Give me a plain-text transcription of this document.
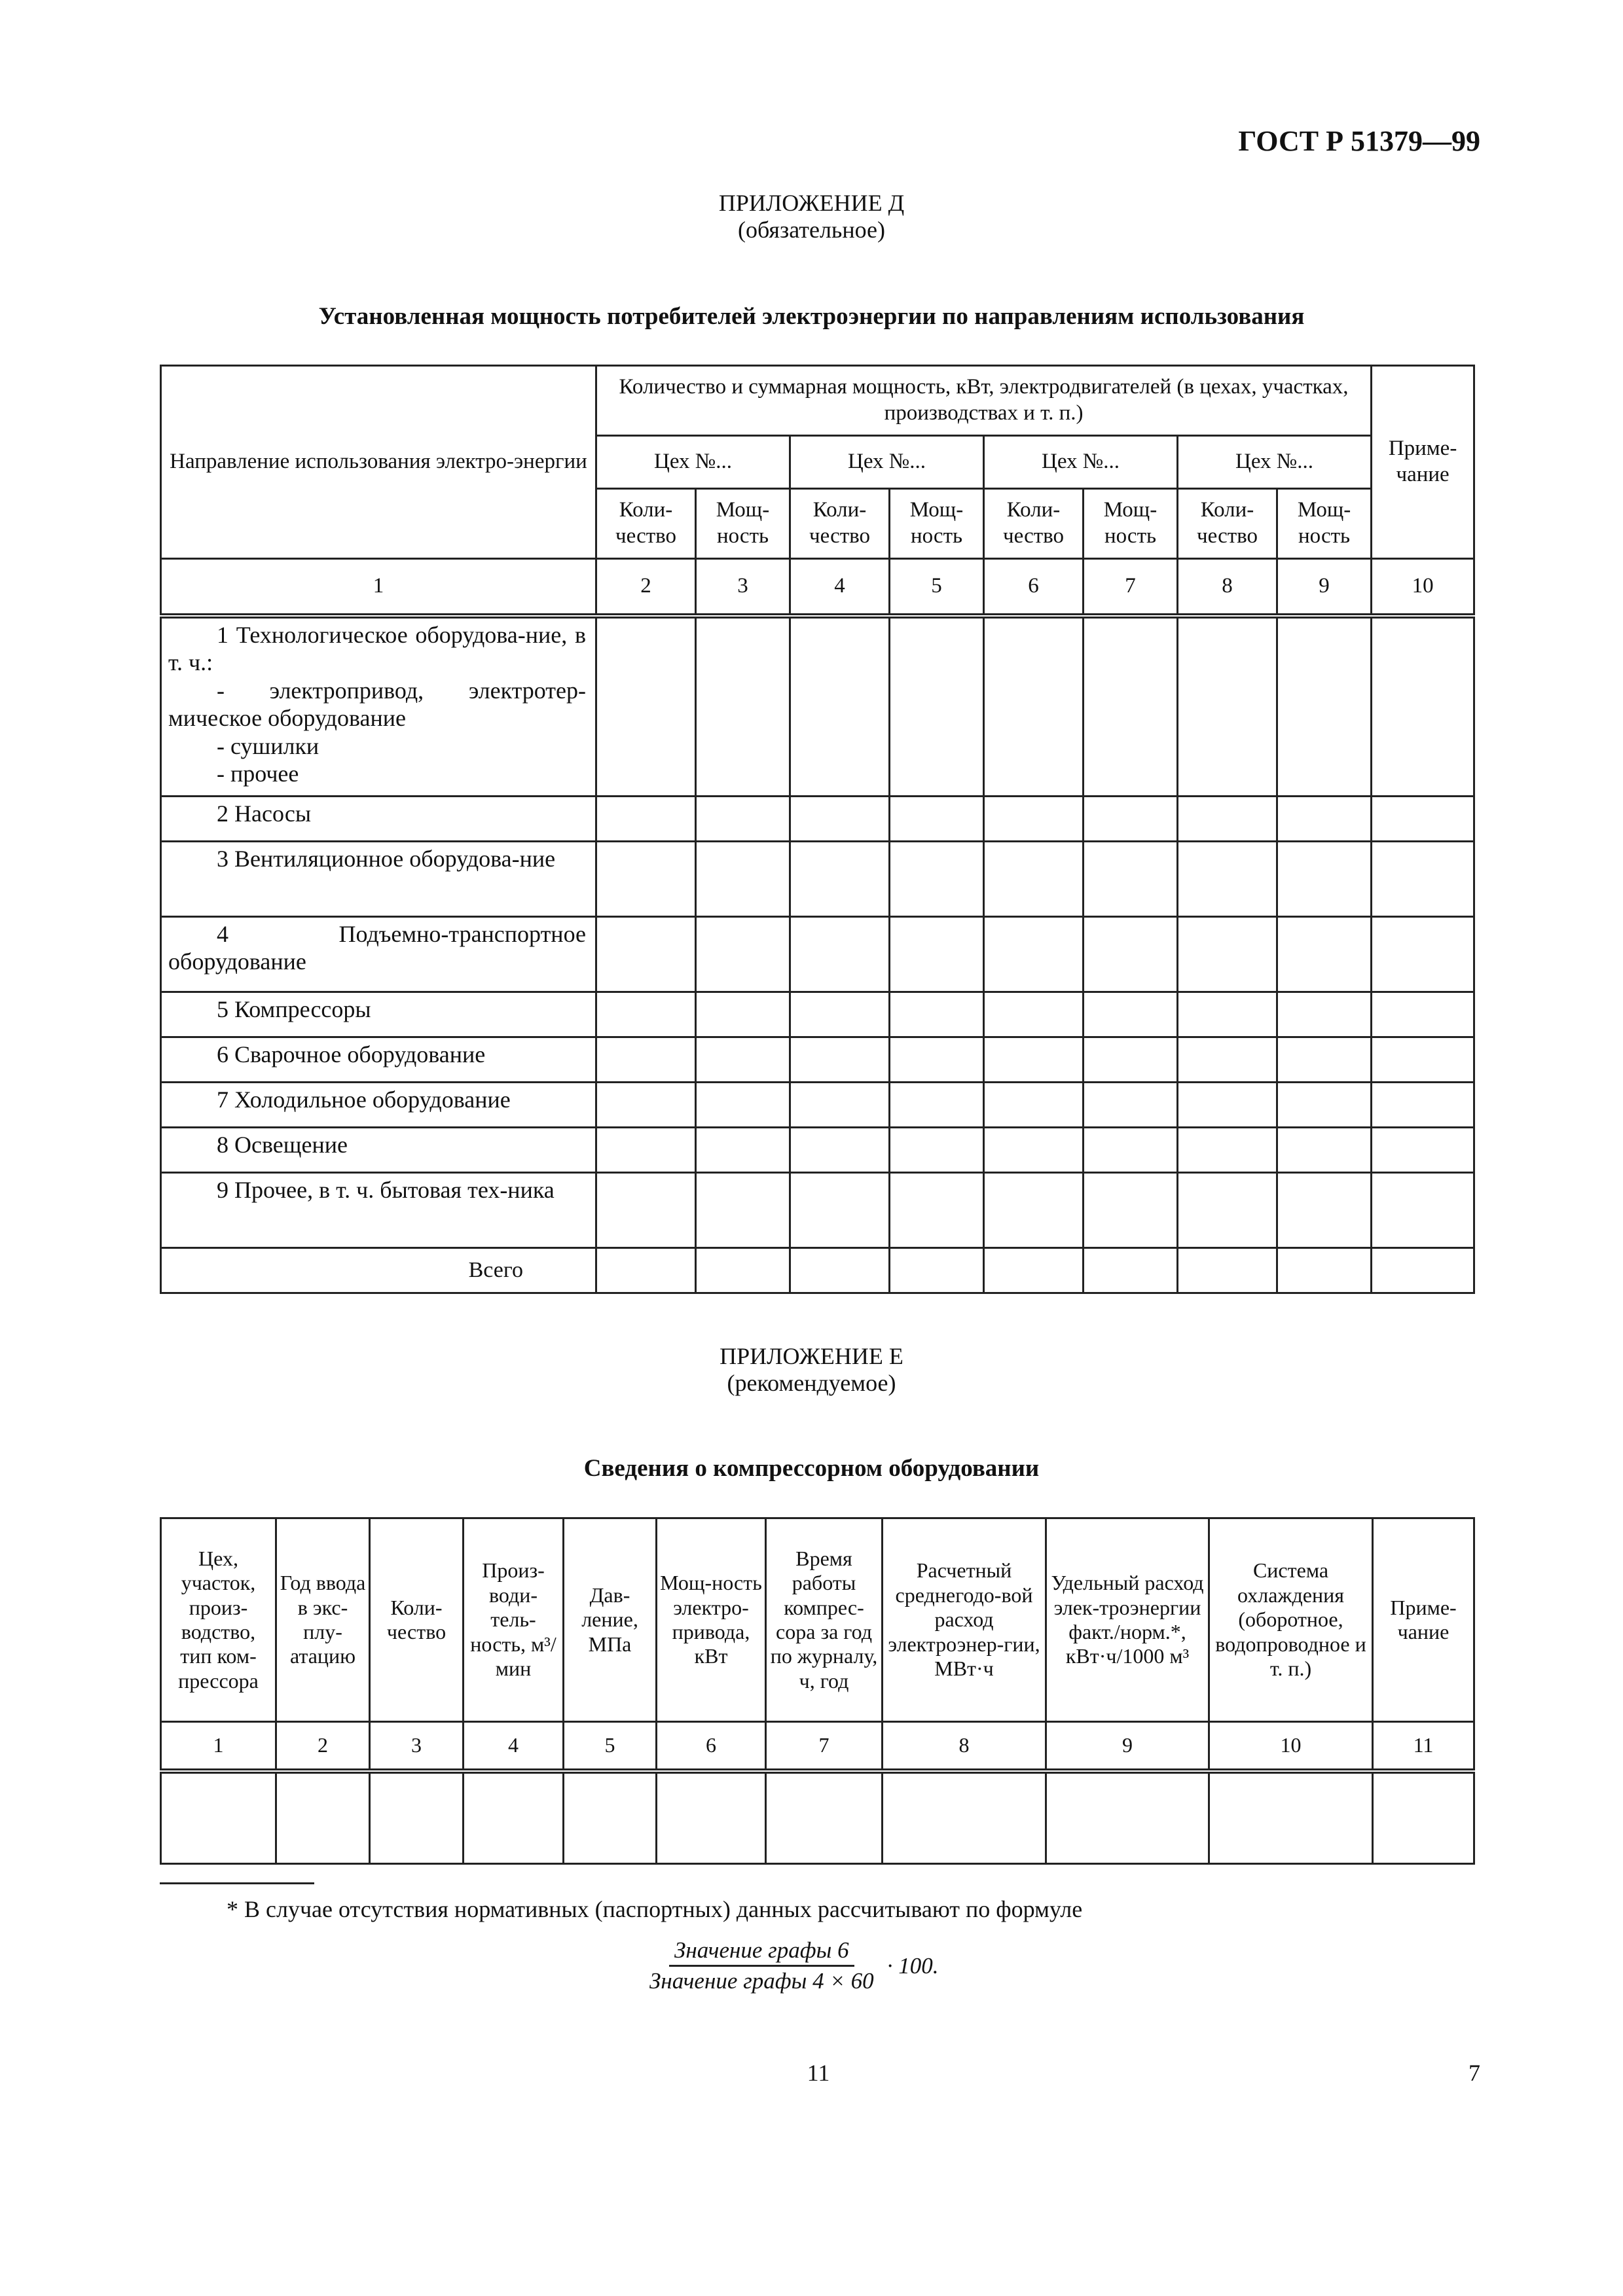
ГОСТ Р 51379—99
ПРИЛОЖЕНИЕ Д
(обязательное)
Установленная мощность потребителей электроэнергии по направлениям использования
Направление использования электро-энергии	Количество и суммарная мощность, кВт, электродвигателей (в цехах, участках, производствах и т. п.)								Приме-чание
	Цех №...		Цех №...		Цех №...		Цех №...		
	Коли-чество	Мощ-ность	Коли-чество	Мощ-ность	Коли-чество	Мощ-ность	Коли-чество	Мощ-ность	
1	2	3	4	5	6	7	8	9	10

1 Технологическое оборудова-ние, в т. ч.:
- электропривод, электротер-мическое оборудование
- сушилки
- прочее									

2 Насосы									

3 Вентиляционное оборудова-ние									

4 Подъемно-транспортное оборудование									

5 Компрессоры									

6 Сварочное оборудование									

7 Холодильное оборудование									

8 Освещение									

9 Прочее, в т. ч. бытовая тех-ника									

Всего									
ПРИЛОЖЕНИЕ Е
(рекомендуемое)
Сведения о компрессорном оборудовании
Цех, участок, произ-водство, тип ком-прессора	Год ввода в экс-плу-атацию	Коли-чество	Произ-води-тель-ность, м³/мин	Дав-ление, МПа	Мощ-ность электро-привода, кВт	Время работы компрес-сора за год по журналу, ч, год	Расчетный среднегодо-вой расход электроэнер-гии, МВт·ч	Удельный расход элек-троэнергии факт./норм.*, кВт·ч/1000 м³	Система охлаждения (оборотное, водопроводное и т. п.)	Приме-чание
1	2	3	4	5	6	7	8	9	10	11

* В случае отсутствия нормативных (паспортных) данных рассчитывают по формуле
$\frac{\text{Значение графы 6}}{\text{Значение графы 4 × 60}} \cdot 100$.
11	7
